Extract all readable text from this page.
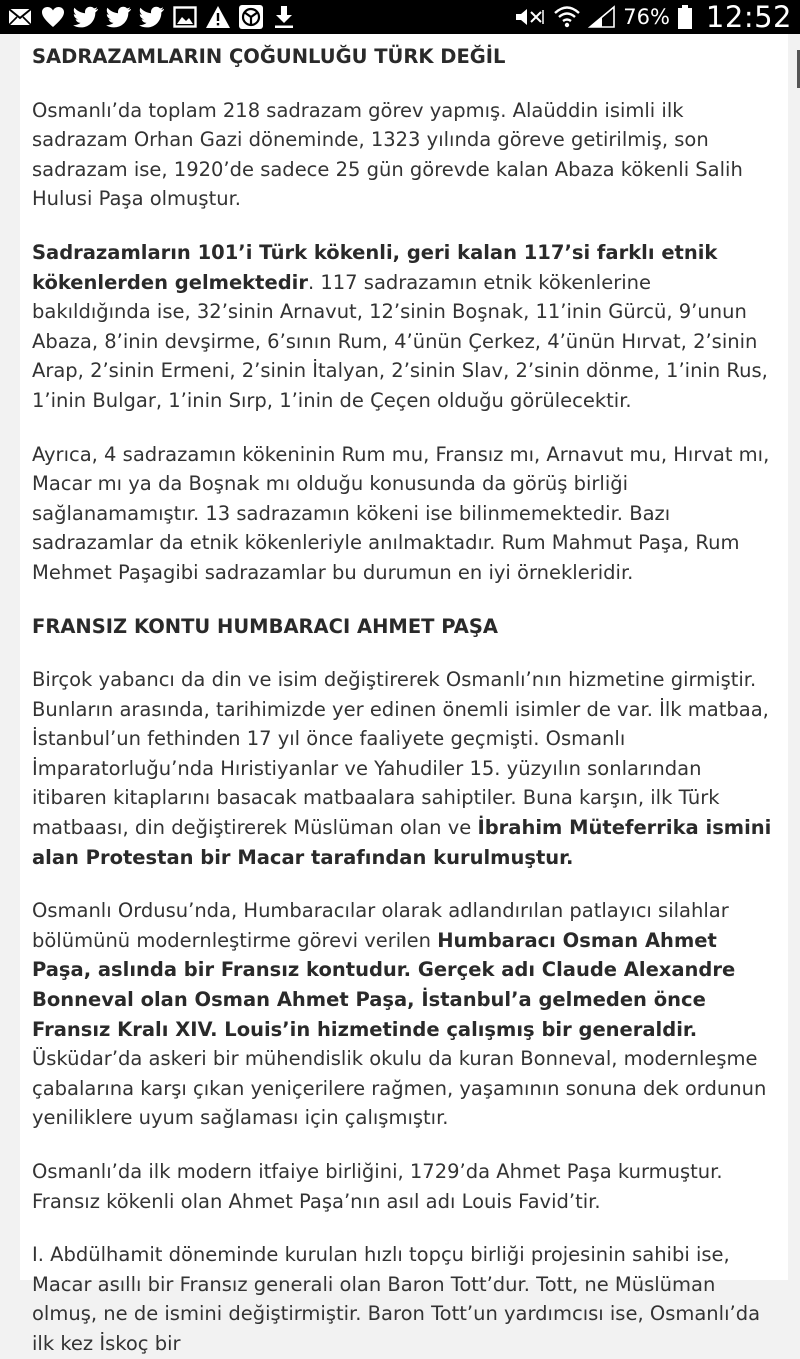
76% 12:52
SADRAZAMLARIN ÇOĞUNLUĞU TÜRK DEĞİL

Osmanlı’da toplam 218 sadrazam görev yapmış. Alaüddin isimli ilk sadrazam Orhan Gazi döneminde, 1323 yılında göreve getirilmiş, son sadrazam ise, 1920’de sadece 25 gün görevde kalan Abaza kökenli Salih Hulusi Paşa olmuştur.

Sadrazamların 101’i Türk kökenli, geri kalan 117’si farklı etnik kökenlerden gelmektedir. 117 sadrazamın etnik kökenlerine bakıldığında ise, 32’sinin Arnavut, 12’sinin Boşnak, 11’inin Gürcü, 9’unun Abaza, 8’inin devşirme, 6’sının Rum, 4’ünün Çerkez, 4’ünün Hırvat, 2’sinin Arap, 2’sinin Ermeni, 2’sinin İtalyan, 2’sinin Slav, 2’sinin dönme, 1’inin Rus, 1’inin Bulgar, 1’inin Sırp, 1’inin de Çeçen olduğu görülecektir.

Ayrıca, 4 sadrazamın kökeninin Rum mu, Fransız mı, Arnavut mu, Hırvat mı, Macar mı ya da Boşnak mı olduğu konusunda da görüş birliği sağlanamamıştır. 13 sadrazamın kökeni ise bilinmemektedir. Bazı sadrazamlar da etnik kökenleriyle anılmaktadır. Rum Mahmut Paşa, Rum Mehmet Paşagibi sadrazamlar bu durumun en iyi örnekleridir.

FRANSIZ KONTU HUMBARACI AHMET PAŞA

Birçok yabancı da din ve isim değiştirerek Osmanlı’nın hizmetine girmiştir. Bunların arasında, tarihimizde yer edinen önemli isimler de var. İlk matbaa, İstanbul’un fethinden 17 yıl önce faaliyete geçmişti. Osmanlı İmparatorluğu’nda Hıristiyanlar ve Yahudiler 15. yüzyılın sonlarından itibaren kitaplarını basacak matbaalara sahiptiler. Buna karşın, ilk Türk matbaası, din değiştirerek Müslüman olan ve İbrahim Müteferrika ismini alan Protestan bir Macar tarafından kurulmuştur.

Osmanlı Ordusu’nda, Humbaracılar olarak adlandırılan patlayıcı silahlar bölümünü modernleştirme görevi verilen Humbaracı Osman Ahmet Paşa, aslında bir Fransız kontudur. Gerçek adı Claude Alexandre Bonneval olan Osman Ahmet Paşa, İstanbul’a gelmeden önce Fransız Kralı XIV. Louis’in hizmetinde çalışmış bir generaldir. Üsküdar’da askeri bir mühendislik okulu da kuran Bonneval, modernleşme çabalarına karşı çıkan yeniçerilere rağmen, yaşamının sonuna dek ordunun yeniliklere uyum sağlaması için çalışmıştır.

Osmanlı’da ilk modern itfaiye birliğini, 1729’da Ahmet Paşa kurmuştur. Fransız kökenli olan Ahmet Paşa’nın asıl adı Louis Favid’tir.

I. Abdülhamit döneminde kurulan hızlı topçu birliği projesinin sahibi ise, Macar asıllı bir Fransız generali olan Baron Tott’dur. Tott, ne Müslüman olmuş, ne de ismini değiştirmiştir. Baron Tott’un yardımcısı ise, Osmanlı’da ilk kez İskoç bir
